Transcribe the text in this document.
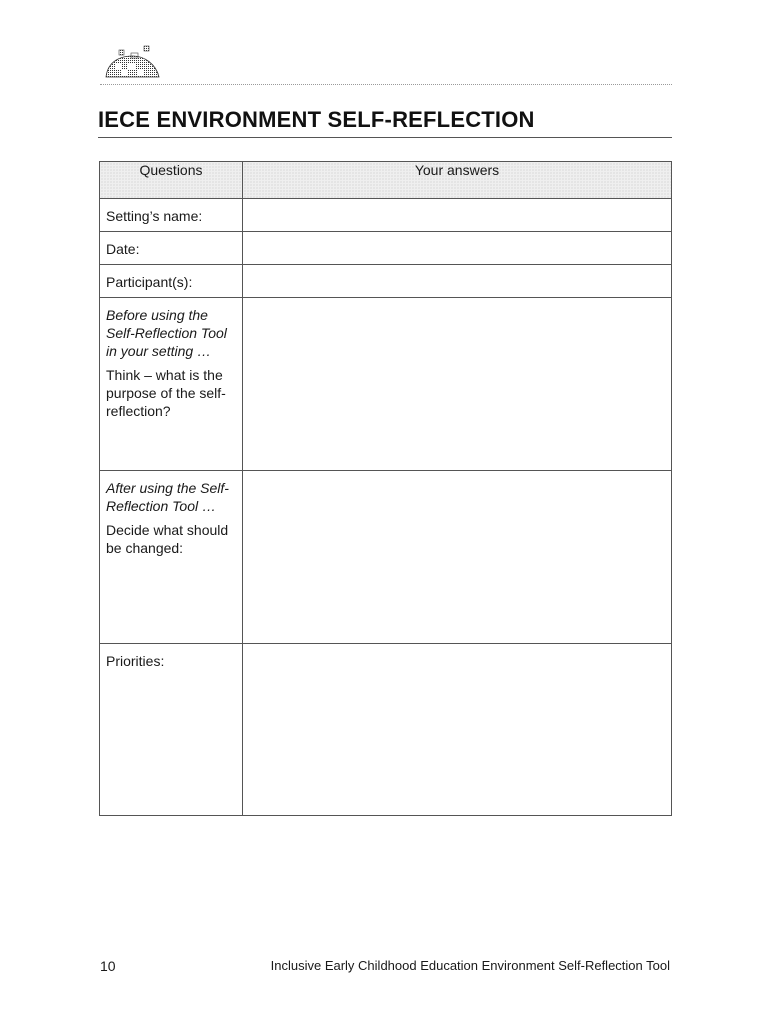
IECE ENVIRONMENT SELF-REFLECTION
Questions	Your answers

Setting’s name:	

Date:	

Participant(s):	

Before using the Self-Reflection Tool in your setting …

Think – what is the purpose of the self-reflection?	

After using the Self-Reflection Tool …

Decide what should be changed:	

Priorities:	

10	Inclusive Early Childhood Education Environment Self-Reflection Tool
